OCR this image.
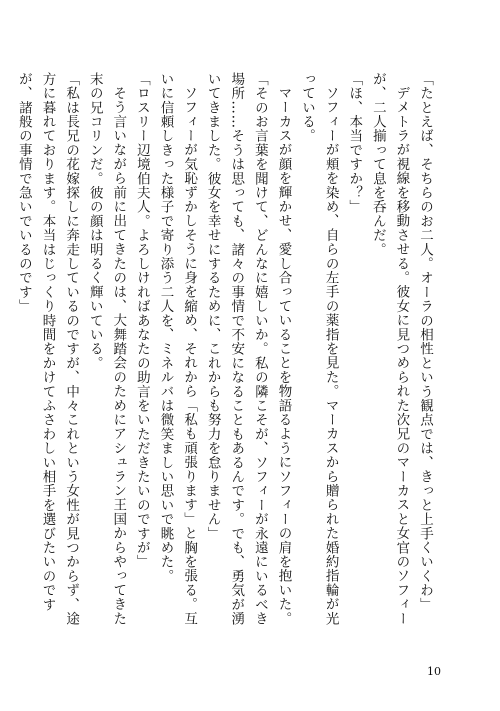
「たとえば、そちらのお二人。オーラの相性という観点では、きっと上手くいくわ」

デメトラが視線を移動させる。彼女に見つめられた次兄のマーカスと女官のソフィーが、二人揃って息を呑んだ。

「ほ、本当ですか？」

ソフィーが頬を染め、自らの左手の薬指を見た。マーカスから贈られた婚約指輪が光っている。

マーカスが顔を輝かせ、愛し合っていることを物語るようにソフィーの肩を抱いた。

「そのお言葉を聞けて、どんなに嬉しいか。私の隣こそが、ソフィーが永遠にいるべき場所……そうは思っても、諸々の事情で不安になることもあるんです。でも、勇気が湧いてきました。彼女を幸せにするために、これからも努力を怠りません」

ソフィーが気恥ずかしそうに身を縮め、それから「私も頑張ります」と胸を張る。互いに信頼しきった様子で寄り添う二人を、ミネルバは微笑ましい思いで眺めた。

「ロスリー辺境伯夫人。よろしければあなたの助言をいただきたいのですが」

そう言いながら前に出てきたのは、大舞踏会のためにアシュラン王国からやってきた末の兄コリンだ。彼の顔は明るく輝いている。

「私は長兄の花嫁探しに奔走しているのですが、中々これという女性が見つからず、途方に暮れております。本当はじっくり時間をかけてふさわしい相手を選びたいのですが、諸般の事情で急いでいるのです」

10
